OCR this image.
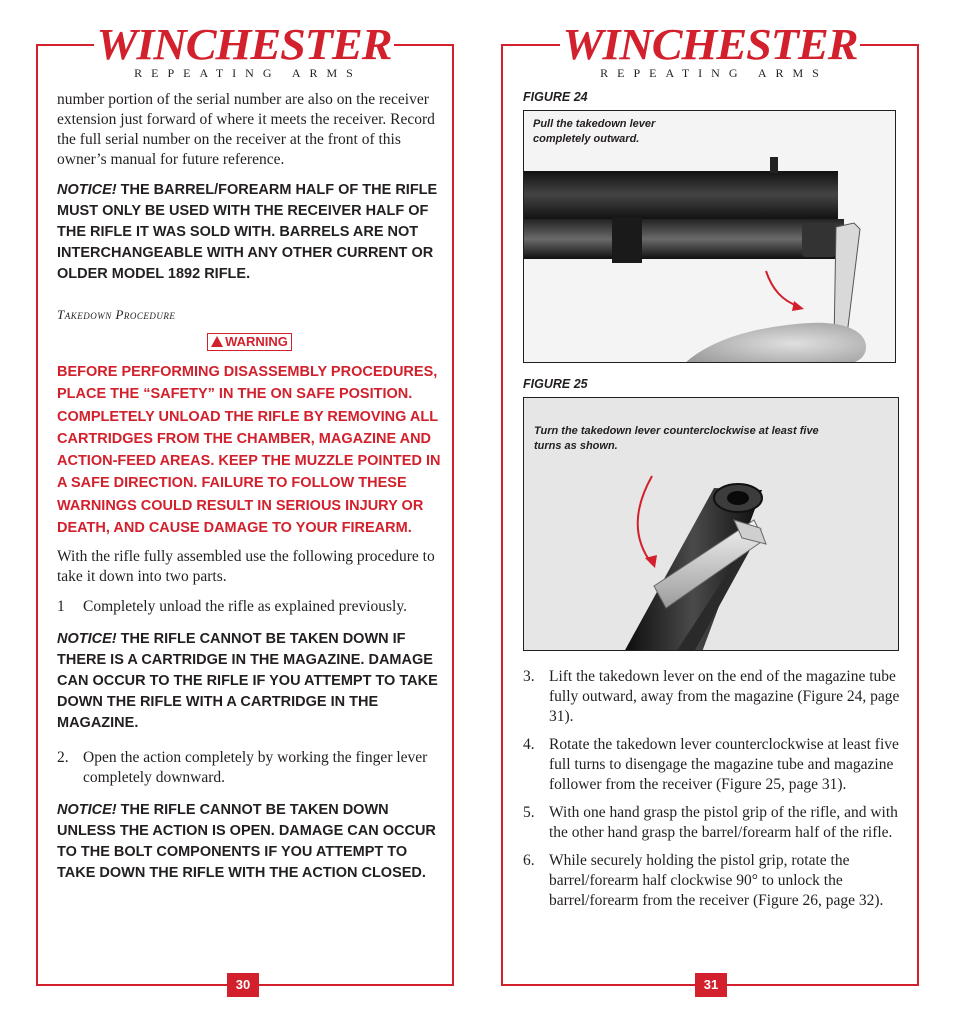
WINCHESTER
REPEATING ARMS

number portion of the serial number are also on the receiver extension just forward of where it meets the receiver. Record the full serial number on the receiver at the front of this owner’s manual for future reference.

NOTICE! THE BARREL/FOREARM HALF OF THE RIFLE MUST ONLY BE USED WITH THE RECEIVER HALF OF THE RIFLE IT WAS SOLD WITH. BARRELS ARE NOT INTERCHANGEABLE WITH ANY OTHER CURRENT OR OLDER MODEL 1892 RIFLE.

Takedown Procedure
WARNING

BEFORE PERFORMING DISASSEMBLY PROCEDURES, PLACE THE “SAFETY” IN THE ON SAFE POSITION. COMPLETELY UNLOAD THE RIFLE BY REMOVING ALL CARTRIDGES FROM THE CHAMBER, MAGAZINE AND ACTION-FEED AREAS. KEEP THE MUZZLE POINTED IN A SAFE DIRECTION. FAILURE TO FOLLOW THESE WARNINGS COULD RESULT IN SERIOUS INJURY OR DEATH, AND CAUSE DAMAGE TO YOUR FIREARM.

With the rifle fully assembled use the following procedure to take it down into two parts.

1	Completely unload the rifle as explained previously.

NOTICE! THE RIFLE CANNOT BE TAKEN DOWN IF THERE IS A CARTRIDGE IN THE MAGAZINE. DAMAGE CAN OCCUR TO THE RIFLE IF YOU ATTEMPT TO TAKE DOWN THE RIFLE WITH A CARTRIDGE IN THE MAGAZINE.

2. Open the action completely by working the finger lever completely downward.

NOTICE! THE RIFLE CANNOT BE TAKEN DOWN UNLESS THE ACTION IS OPEN. DAMAGE CAN OCCUR TO THE BOLT COMPONENTS IF YOU ATTEMPT TO TAKE DOWN THE RIFLE WITH THE ACTION CLOSED.

30
WINCHESTER
REPEATING ARMS
FIGURE 24
Pull the takedown lever completely outward.
FIGURE 25
Turn the takedown lever counterclockwise at least five turns as shown.
3. Lift the takedown lever on the end of the magazine tube fully outward, away from the magazine (Figure 24, page 31).
4. Rotate the takedown lever counterclockwise at least five full turns to disengage the magazine tube and magazine follower from the receiver (Figure 25, page 31).
5. With one hand grasp the pistol grip of the rifle, and with the other hand grasp the barrel/forearm half of the rifle.
6. While securely holding the pistol grip, rotate the barrel/forearm half clockwise 90° to unlock the barrel/forearm from the receiver (Figure 26, page 32).
31
